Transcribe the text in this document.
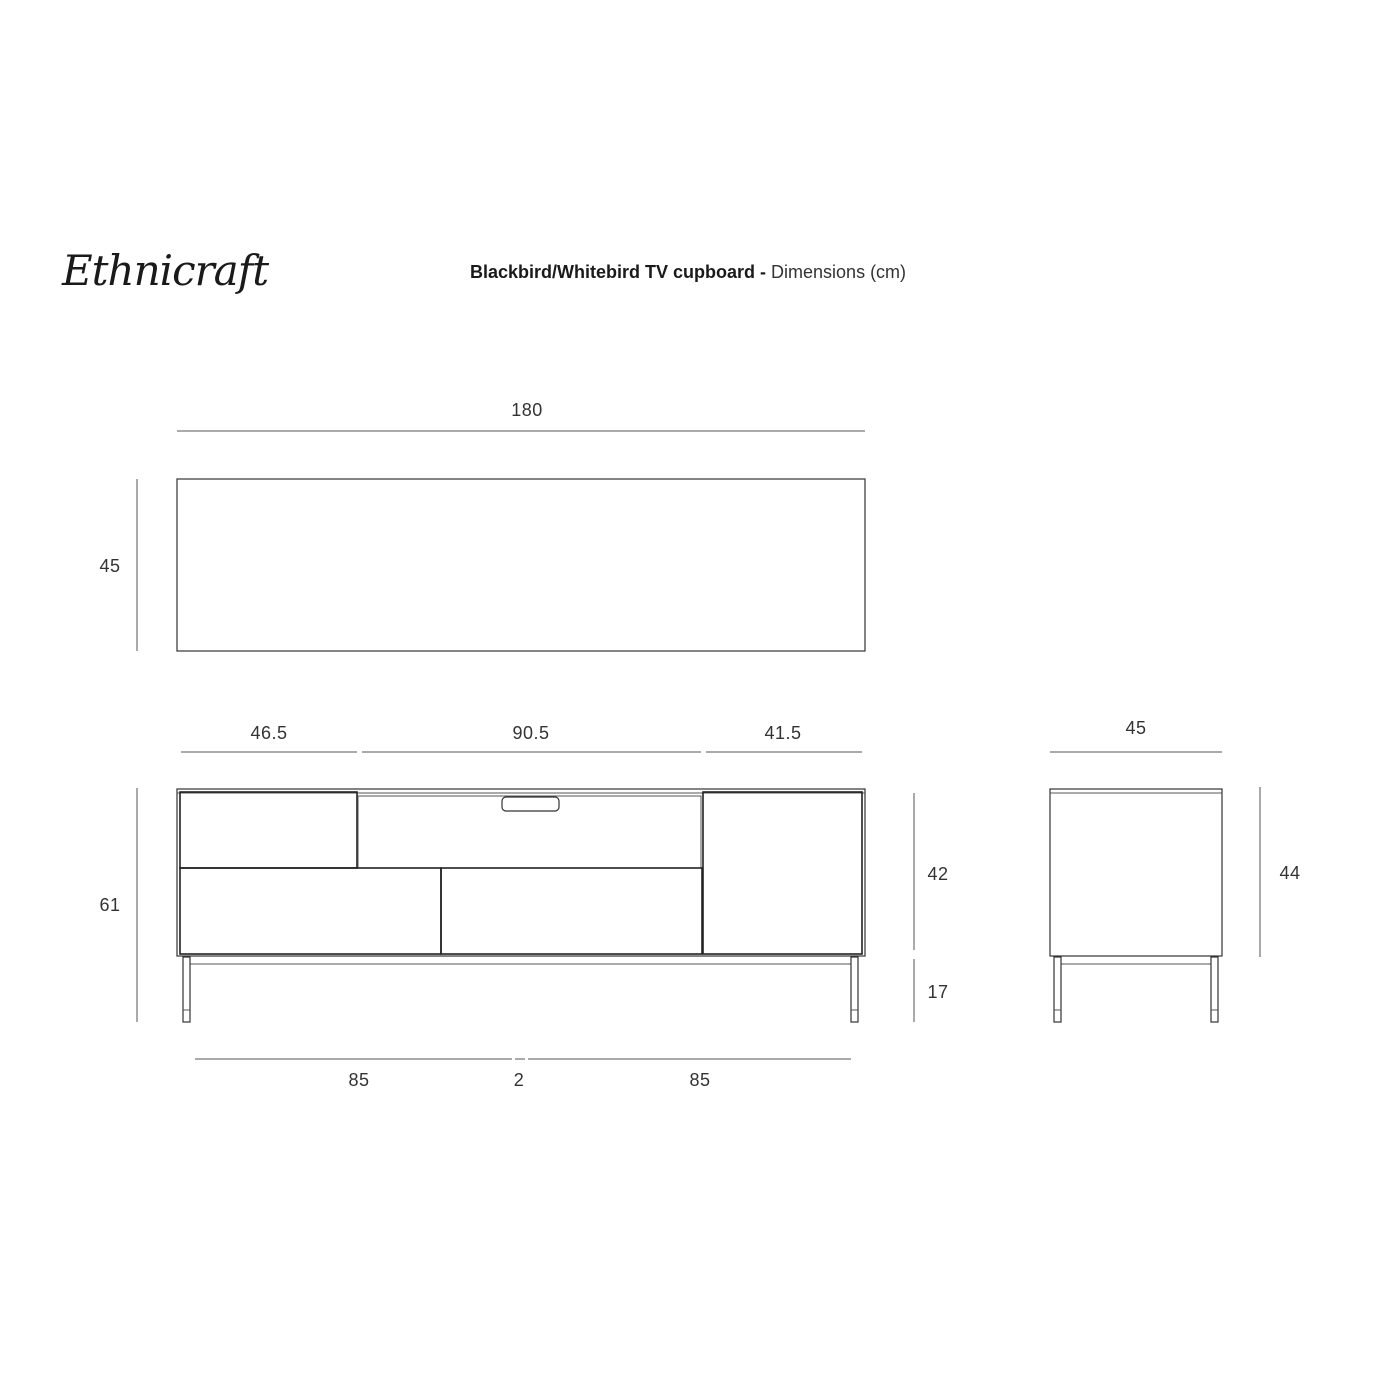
Ethnicraft	Blackbird/Whitebird TV cupboard - Dimensions (cm)
180
45
46.5	90.5	41.5
61
42
17
85	2	85
45
44
